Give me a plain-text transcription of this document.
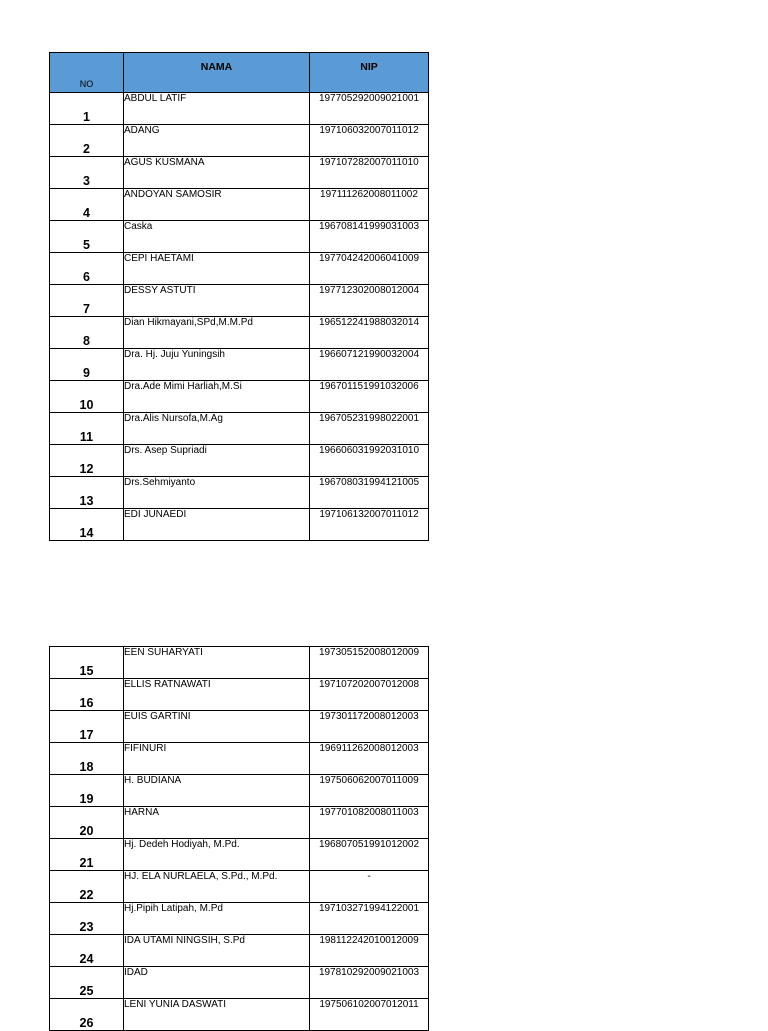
NO	NAMA	NIP
1	ABDUL LATIF	197705292009021001
2	ADANG	197106032007011012
3	AGUS KUSMANA	197107282007011010
4	ANDOYAN SAMOSIR	197111262008011002
5	Caska	196708141999031003
6	CEPI HAETAMI	197704242006041009
7	DESSY ASTUTI	197712302008012004
8	Dian Hikmayani,SPd,M.M.Pd	196512241988032014
9	Dra. Hj. Juju Yuningsih	196607121990032004
10	Dra.Ade Mimi Harliah,M.Si	196701151991032006
11	Dra.Alis Nursofa,M.Ag	196705231998022001
12	Drs. Asep Supriadi	196606031992031010
13	Drs.Sehmiyanto	196708031994121005
14	EDI JUNAEDI	197106132007011012
15	EEN SUHARYATI	197305152008012009
16	ELLIS RATNAWATI	197107202007012008
17	EUIS GARTINI	197301172008012003
18	FIFINURI	196911262008012003
19	H. BUDIANA	197506062007011009
20	HARNA	197701082008011003
21	Hj. Dedeh Hodiyah, M.Pd.	196807051991012002
22	HJ. ELA NURLAELA, S.Pd., M.Pd.	-
23	Hj.Pipih Latipah, M.Pd	197103271994122001
24	IDA UTAMI NINGSIH, S.Pd	198112242010012009
25	IDAD	197810292009021003
26	LENI YUNIA DASWATI	197506102007012011
